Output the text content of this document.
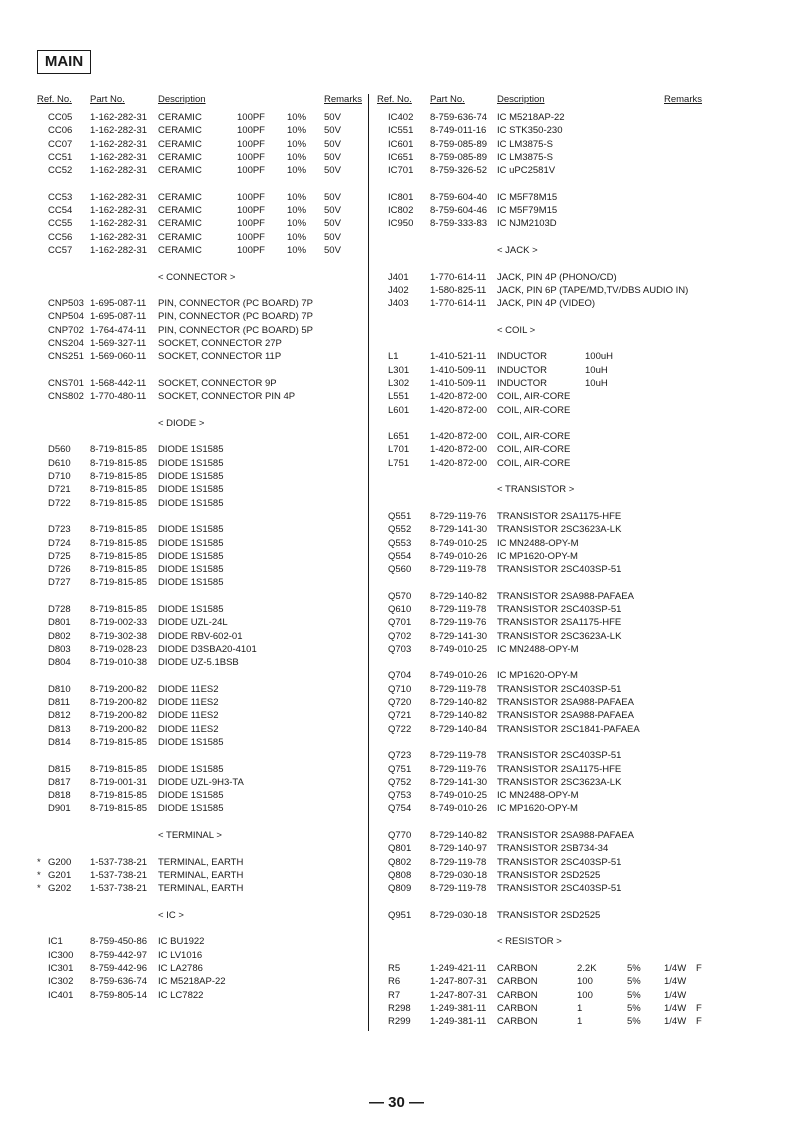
MAIN
Ref. No. Part No.	Description	Remarks
CC05 1-162-282-31 CERAMIC	100PF 10% 50V
CC06 1-162-282-31 CERAMIC	100PF 10% 50V
CC07 1-162-282-31 CERAMIC	100PF 10% 50V
CC51 1-162-282-31 CERAMIC	100PF 10% 50V
CC52 1-162-282-31 CERAMIC	100PF 10% 50V
CC53 1-162-282-31 CERAMIC	100PF 10% 50V
CC54 1-162-282-31 CERAMIC	100PF 10% 50V
CC55 1-162-282-31 CERAMIC	100PF 10% 50V
CC56 1-162-282-31 CERAMIC	100PF 10% 50V
CC57 1-162-282-31 CERAMIC	100PF 10% 50V
< CONNECTOR >
CNP503 1-695-087-11 PIN, CONNECTOR (PC BOARD) 7P
CNP504 1-695-087-11 PIN, CONNECTOR (PC BOARD) 7P
CNP702 1-764-474-11 PIN, CONNECTOR (PC BOARD) 5P
CNS204 1-569-327-11 SOCKET, CONNECTOR 27P
CNS251 1-569-060-11 SOCKET, CONNECTOR 11P
CNS701 1-568-442-11 SOCKET, CONNECTOR 9P
CNS802 1-770-480-11 SOCKET, CONNECTOR PIN 4P
< DIODE >
D560 8-719-815-85 DIODE 1S1585
D610 8-719-815-85 DIODE 1S1585
D710 8-719-815-85 DIODE 1S1585
D721 8-719-815-85 DIODE 1S1585
D722 8-719-815-85 DIODE 1S1585
D723 8-719-815-85 DIODE 1S1585
D724 8-719-815-85 DIODE 1S1585
D725 8-719-815-85 DIODE 1S1585
D726 8-719-815-85 DIODE 1S1585
D727 8-719-815-85 DIODE 1S1585
D728 8-719-815-85 DIODE 1S1585
D801 8-719-002-33 DIODE UZL-24L
D802 8-719-302-38 DIODE RBV-602-01
D803 8-719-028-23 DIODE D3SBA20-4101
D804 8-719-010-38 DIODE UZ-5.1BSB
D810 8-719-200-82 DIODE 11ES2
D811 8-719-200-82 DIODE 11ES2
D812 8-719-200-82 DIODE 11ES2
D813 8-719-200-82 DIODE 11ES2
D814 8-719-815-85 DIODE 1S1585
D815 8-719-815-85 DIODE 1S1585
D817 8-719-001-31 DIODE UZL-9H3-TA
D818 8-719-815-85 DIODE 1S1585
D901 8-719-815-85 DIODE 1S1585
< TERMINAL >
* G200 1-537-738-21 TERMINAL, EARTH
* G201 1-537-738-21 TERMINAL, EARTH
* G202 1-537-738-21 TERMINAL, EARTH
< IC >
IC1	8-759-450-86 IC BU1922
IC300 8-759-442-97 IC LV1016
IC301 8-759-442-96 IC LA2786
IC302 8-759-636-74 IC M5218AP-22
IC401 8-759-805-14 IC LC7822
Ref. No. Part No.	Description	Remarks
IC402 8-759-636-74 IC M5218AP-22
IC551 8-749-011-16 IC STK350-230
IC601 8-759-085-89 IC LM3875-S
IC651 8-759-085-89 IC LM3875-S
IC701 8-759-326-52 IC uPC2581V
IC801 8-759-604-40 IC M5F78M15
IC802 8-759-604-46 IC M5F79M15
IC950 8-759-333-83 IC NJM2103D
< JACK >
J401 1-770-614-11 JACK, PIN 4P (PHONO/CD)
J402 1-580-825-11 JACK, PIN 6P (TAPE/MD,TV/DBS AUDIO IN)
J403 1-770-614-11 JACK, PIN 4P (VIDEO)
< COIL >
L1	1-410-521-11 INDUCTOR	100uH
L301 1-410-509-11 INDUCTOR	10uH
L302 1-410-509-11 INDUCTOR	10uH
L551 1-420-872-00 COIL, AIR-CORE
L601 1-420-872-00 COIL, AIR-CORE
L651 1-420-872-00 COIL, AIR-CORE
L701 1-420-872-00 COIL, AIR-CORE
L751 1-420-872-00 COIL, AIR-CORE
< TRANSISTOR >
Q551 8-729-119-76 TRANSISTOR 2SA1175-HFE
Q552 8-729-141-30 TRANSISTOR 2SC3623A-LK
Q553 8-749-010-25 IC MN2488-OPY-M
Q554 8-749-010-26 IC MP1620-OPY-M
Q560 8-729-119-78 TRANSISTOR 2SC403SP-51
Q570 8-729-140-82 TRANSISTOR 2SA988-PAFAEA
Q610 8-729-119-78 TRANSISTOR 2SC403SP-51
Q701 8-729-119-76 TRANSISTOR 2SA1175-HFE
Q702 8-729-141-30 TRANSISTOR 2SC3623A-LK
Q703 8-749-010-25 IC MN2488-OPY-M
Q704 8-749-010-26 IC MP1620-OPY-M
Q710 8-729-119-78 TRANSISTOR 2SC403SP-51
Q720 8-729-140-82 TRANSISTOR 2SA988-PAFAEA
Q721 8-729-140-82 TRANSISTOR 2SA988-PAFAEA
Q722 8-729-140-84 TRANSISTOR 2SC1841-PAFAEA
Q723 8-729-119-78 TRANSISTOR 2SC403SP-51
Q751 8-729-119-76 TRANSISTOR 2SA1175-HFE
Q752 8-729-141-30 TRANSISTOR 2SC3623A-LK
Q753 8-749-010-25 IC MN2488-OPY-M
Q754 8-749-010-26 IC MP1620-OPY-M
Q770 8-729-140-82 TRANSISTOR 2SA988-PAFAEA
Q801 8-729-140-97 TRANSISTOR 2SB734-34
Q802 8-729-119-78 TRANSISTOR 2SC403SP-51
Q808 8-729-030-18 TRANSISTOR 2SD2525
Q809 8-729-119-78 TRANSISTOR 2SC403SP-51
Q951 8-729-030-18 TRANSISTOR 2SD2525
< RESISTOR >
R5	1-249-421-11 CARBON	2.2K	5% 1/4W F
R6	1-247-807-31 CARBON	100	5% 1/4W
R7	1-247-807-31 CARBON	100	5% 1/4W
R298 1-249-381-11 CARBON	1	5% 1/4W F
R299 1-249-381-11 CARBON	1	5% 1/4W F
— 30 —
